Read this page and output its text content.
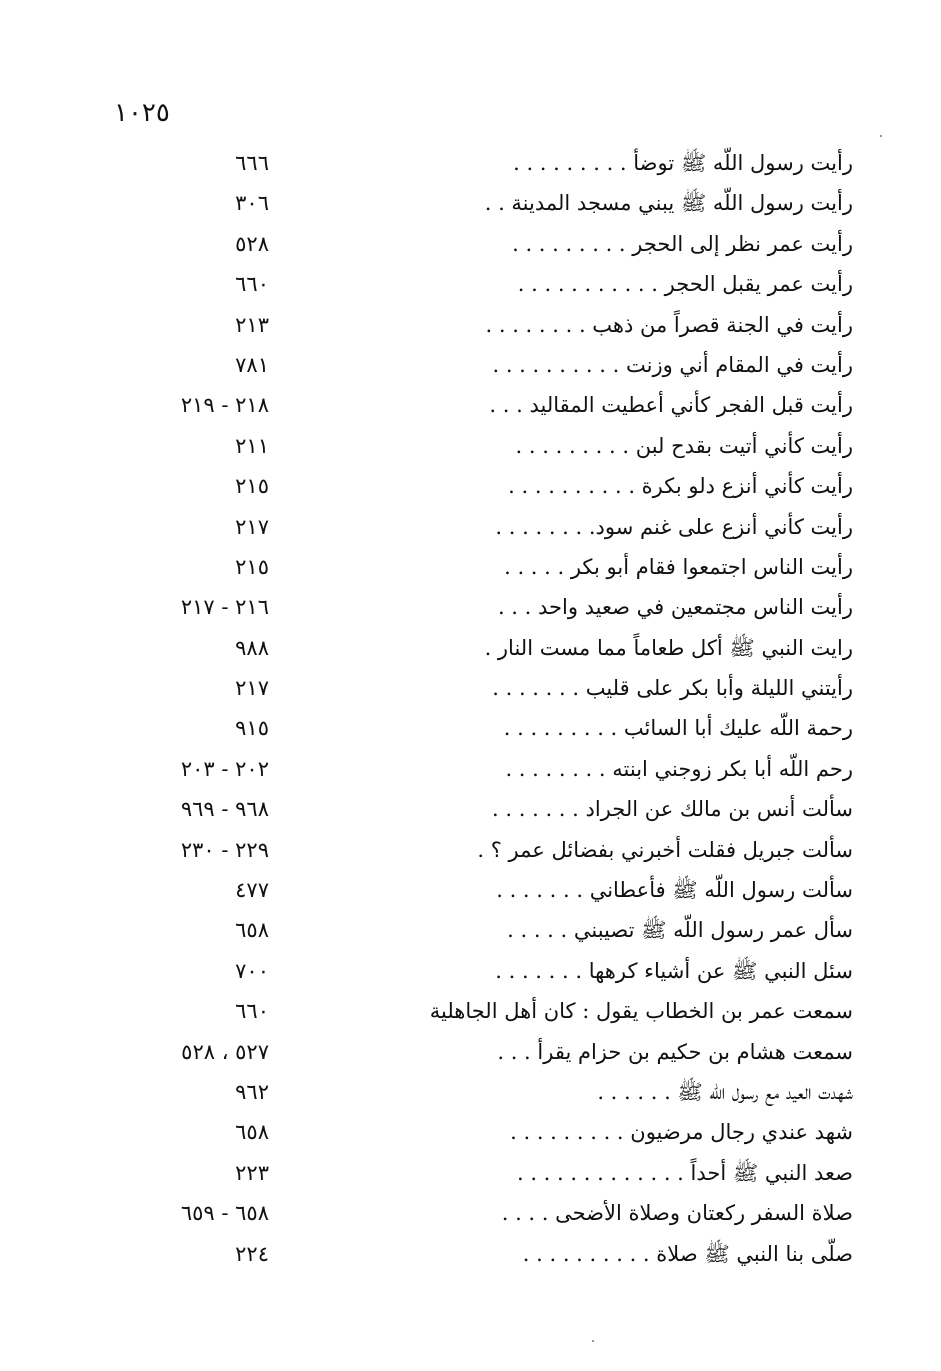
١٠٢٥
رأيت رسول اللّه ﷺ توضأ . . . . . . . . .
٦٦٦
رأيت رسول اللّه ﷺ يبني مسجد المدينة . .
٣٠٦
رأيت عمر نظر إلى الحجر . . . . . . . . .
٥٢٨
رأيت عمر يقبل الحجر . . . . . . . . . . .
٦٦٠
رأيت في الجنة قصراً من ذهب . . . . . . . .
٢١٣
رأيت في المقام أني وزنت . . . . . . . . . .
٧٨١
رأيت قبل الفجر كأني أعطيت المقاليد . . .
٢١٨ - ٢١٩
رأيت كأني أتيت بقدح لبن . . . . . . . . .
٢١١
رأيت كأني أنزع دلو بكرة . . . . . . . . . .
٢١٥
رأيت كأني أنزع على غنم سود. . . . . . . .
٢١٧
رأيت الناس اجتمعوا فقام أبو بكر . . . . .
٢١٥
رأيت الناس مجتمعين في صعيد واحد . . .
٢١٦ - ٢١٧
رايت النبي ﷺ أكل طعاماً مما مست النار .
٩٨٨
رأيتني الليلة وأبا بكر على قليب . . . . . . .
٢١٧
رحمة اللّه عليك أبا السائب . . . . . . . . .
٩١٥
رحم اللّه أبا بكر زوجني ابنته . . . . . . . .
٢٠٢ - ٢٠٣
سألت أنس بن مالك عن الجراد . . . . . . .
٩٦٨ - ٩٦٩
سألت جبريل فقلت أخبرني بفضائل عمر ؟ .
٢٢٩ - ٢٣٠
سألت رسول اللّه ﷺ فأعطاني . . . . . . .
٤٧٧
سأل عمر رسول اللّه ﷺ تصيبني . . . . .
٦٥٨
سئل النبي ﷺ عن أشياء كرهها . . . . . . .
٧٠٠
سمعت عمر بن الخطاب يقول : كان أهل الجاهلية
٦٦٠
سمعت هشام بن حكيم بن حزام يقرأ . . .
٥٢٧ ، ٥٢٨
شهدت العيد مع رسول اللّه ﷺ . . . . . .
٩٦٢
شهد عندي رجال مرضيون . . . . . . . . .
٦٥٨
صعد النبي ﷺ أحداً . . . . . . . . . . . . .
٢٢٣
صلاة السفر ركعتان وصلاة الأضحى . . . .
٦٥٨ - ٦٥٩
صلّى بنا النبي ﷺ صلاة . . . . . . . . . .
٢٢٤
